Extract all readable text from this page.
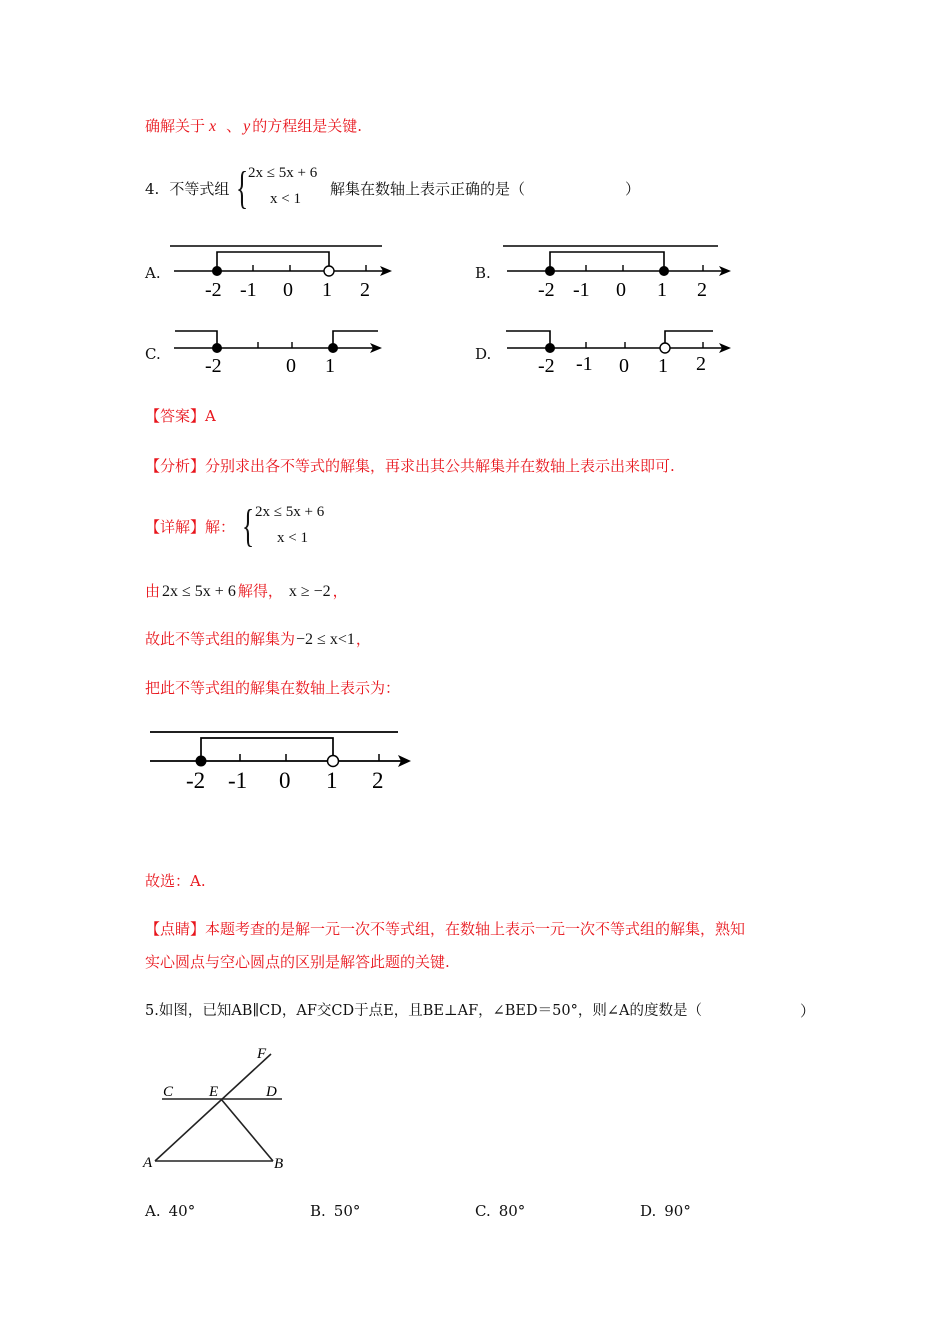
确解关于 x 、 y 的方程组是关键.
4. 不等式组 { 2x ≤ 5x + 6
x < 1
解集在数轴上表示正确的是（	）
A.
-2 -1 0 1 2
B.
-2 -1 0 1 2
C.
-2	0 1
D.
-2 -1 0 1 2
【答案】A
【分析】分别求出各不等式的解集，再求出其公共解集并在数轴上表示出来即可.
【详解】解： { 2x ≤ 5x + 6
x < 1
由 2x ≤ 5x + 6 解得， x ≥ −2 ，
故此不等式组的解集为−2 ≤ x<1，
把此不等式组的解集在数轴上表示为：
-2 -1 0 1 2
故选：A.
【点睛】本题考查的是解一元一次不等式组，在数轴上表示一元一次不等式组的解集，熟知
实心圆点与空心圆点的区别是解答此题的关键.
5.如图，已知AB∥CD，AF交CD于点E，且BE⊥AF，∠BED＝50°，则∠A的度数是（	）
F
C E	D
A	B
A. 40°	B. 50°	C. 80°	D. 90°
